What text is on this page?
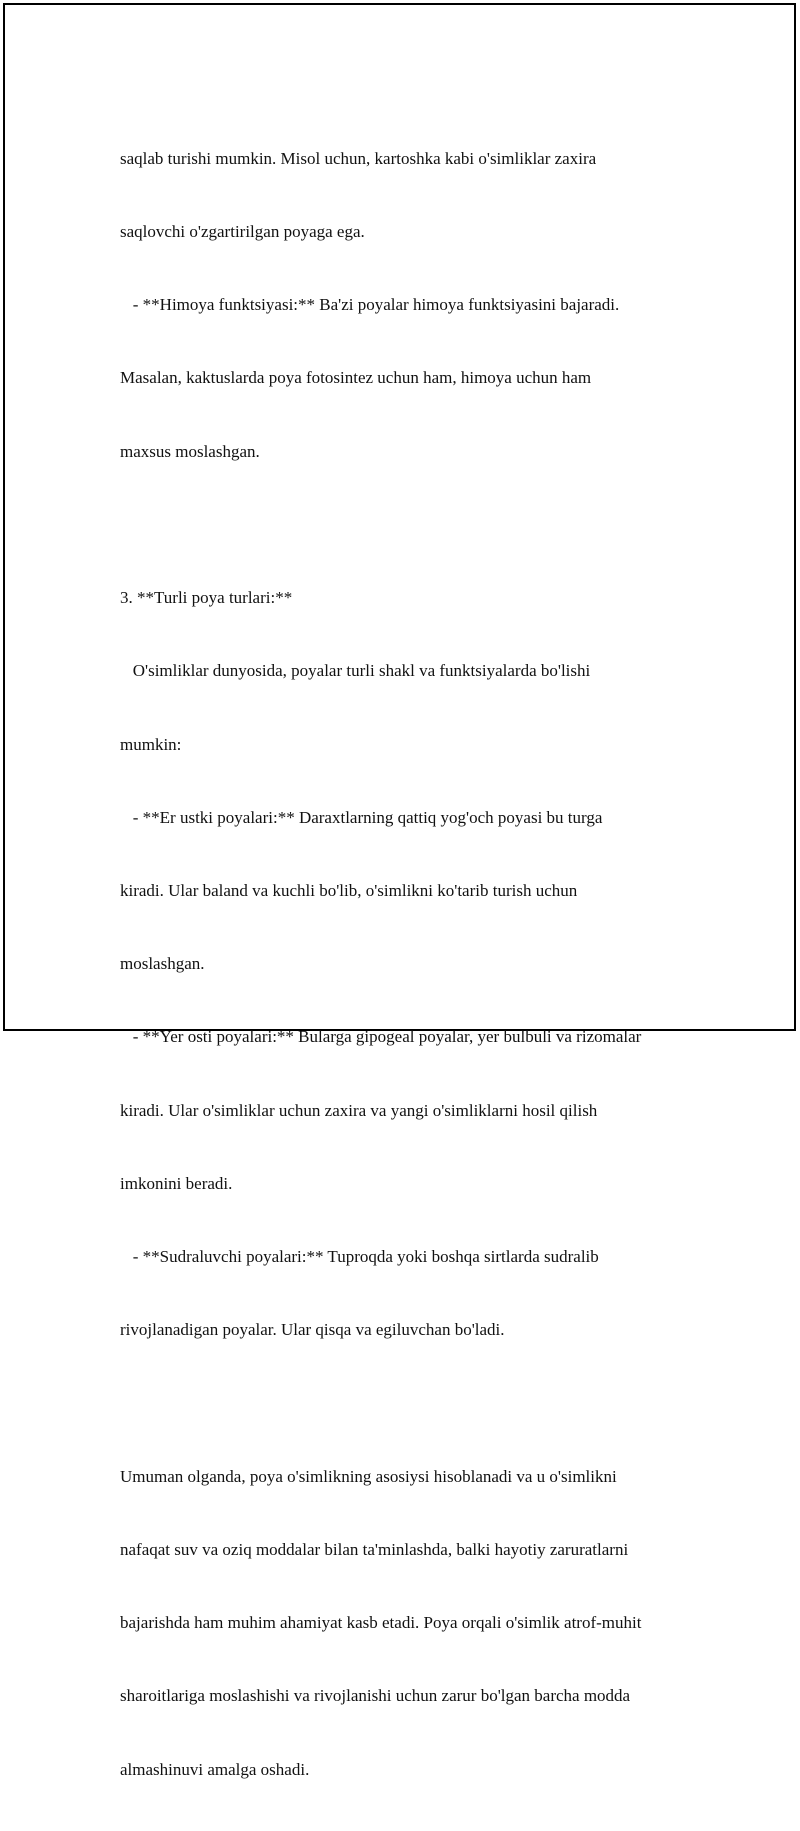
saqlab turishi mumkin. Misol uchun, kartoshka kabi o'simliklar zaxira

saqlovchi o'zgartirilgan poyaga ega.

- **Himoya funktsiyasi:** Ba'zi poyalar himoya funktsiyasini bajaradi.

Masalan, kaktuslarda poya fotosintez uchun ham, himoya uchun ham

maxsus moslashgan.

3. **Turli poya turlari:**

O'simliklar dunyosida, poyalar turli shakl va funktsiyalarda bo'lishi

mumkin:

- **Er ustki poyalari:** Daraxtlarning qattiq yog'och poyasi bu turga

kiradi. Ular baland va kuchli bo'lib, o'simlikni ko'tarib turish uchun

moslashgan.

- **Yer osti poyalari:** Bularga gipogeal poyalar, yer bulbuli va rizomalar

kiradi. Ular o'simliklar uchun zaxira va yangi o'simliklarni hosil qilish

imkonini beradi.

- **Sudraluvchi poyalari:** Tuproqda yoki boshqa sirtlarda sudralib

rivojlanadigan poyalar. Ular qisqa va egiluvchan bo'ladi.

Umuman olganda, poya o'simlikning asosiysi hisoblanadi va u o'simlikni

nafaqat suv va oziq moddalar bilan ta'minlashda, balki hayotiy zaruratlarni

bajarishda ham muhim ahamiyat kasb etadi. Poya orqali o'simlik atrof-muhit

sharoitlariga moslashishi va rivojlanishi uchun zarur bo'lgan barcha modda

almashinuvi amalga oshadi.
